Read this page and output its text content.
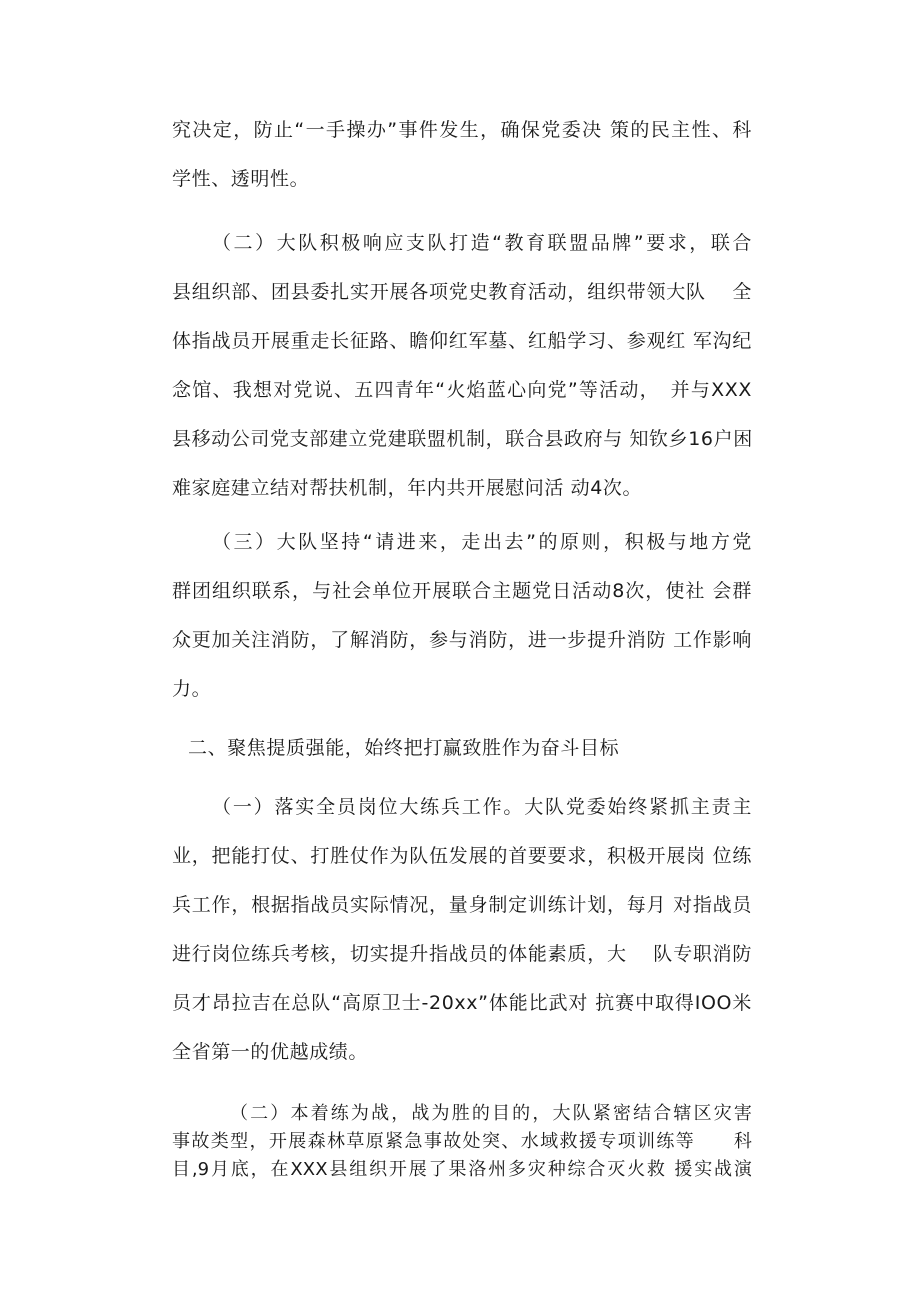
究决定，防止“一手操办”事件发生，确保党委决 策的民主性、科
学性、透明性。
（二）大队积极响应支队打造“教育联盟品牌”要求，联合
县组织部、团县委扎实开展各项党史教育活动，组织带领大队　 全
体指战员开展重走长征路、瞻仰红军墓、红船学习、参观红 军沟纪
念馆、我想对党说、五四青年“火焰蓝心向党”等活动，　并与XXX
县移动公司党支部建立党建联盟机制，联合县政府与 知钦乡16户困
难家庭建立结对帮扶机制，年内共开展慰问活 动4次。
（三）大队坚持“请进来，走出去”的原则，积极与地方党
群团组织联系，与社会单位开展联合主题党日活动8次，使社 会群
众更加关注消防，了解消防，参与消防，进一步提升消防 工作影响
力。
二、聚焦提质强能，始终把打赢致胜作为奋斗目标
（一）落实全员岗位大练兵工作。大队党委始终紧抓主责主
业，把能打仗、打胜仗作为队伍发展的首要要求，积极开展岗 位练
兵工作，根据指战员实际情况，量身制定训练计划，每月 对指战员
进行岗位练兵考核，切实提升指战员的体能素质，大　 队专职消防
员才昂拉吉在总队“高原卫士-20xx”体能比武对 抗赛中取得IOO米
全省第一的优越成绩。
（二）本着练为战，战为胜的目的，大队紧密结合辖区灾害
事故类型，开展森林草原紧急事故处突、水域救援专项训练等　　科
目,9月底，在XXX县组织开展了果洛州多灾种综合灭火救 援实战演
